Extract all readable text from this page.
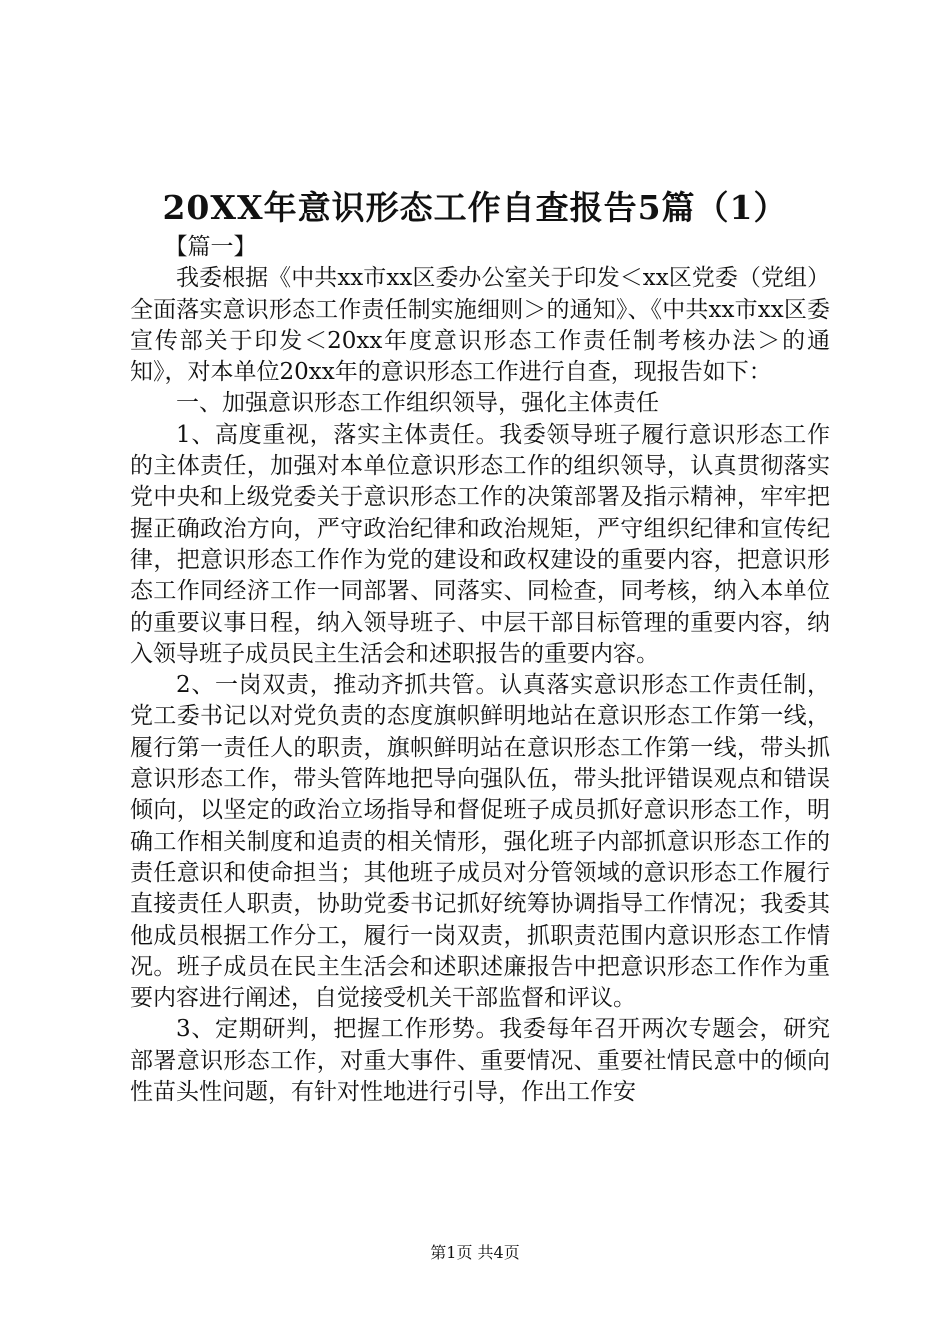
20XX年意识形态工作自查报告5篇（1）

【篇一】

我委根据《中共xx市xx区委办公室关于印发＜xx区党委（党组）全面落实意识形态工作责任制实施细则＞的通知》、《中共xx市xx区委宣传部关于印发＜20xx年度意识形态工作责任制考核办法＞的通知》，对本单位20xx年的意识形态工作进行自查，现报告如下：

一、加强意识形态工作组织领导，强化主体责任

1、高度重视，落实主体责任。我委领导班子履行意识形态工作的主体责任，加强对本单位意识形态工作的组织领导，认真贯彻落实党中央和上级党委关于意识形态工作的决策部署及指示精神，牢牢把握正确政治方向，严守政治纪律和政治规矩，严守组织纪律和宣传纪律，把意识形态工作作为党的建设和政权建设的重要内容，把意识形态工作同经济工作一同部署、同落实、同检查，同考核，纳入本单位的重要议事日程，纳入领导班子、中层干部目标管理的重要内容，纳入领导班子成员民主生活会和述职报告的重要内容。

2、一岗双责，推动齐抓共管。认真落实意识形态工作责任制，党工委书记以对党负责的态度旗帜鲜明地站在意识形态工作第一线，履行第一责任人的职责，旗帜鲜明站在意识形态工作第一线，带头抓意识形态工作，带头管阵地把导向强队伍，带头批评错误观点和错误倾向，以坚定的政治立场指导和督促班子成员抓好意识形态工作，明确工作相关制度和追责的相关情形，强化班子内部抓意识形态工作的责任意识和使命担当；其他班子成员对分管领域的意识形态工作履行直接责任人职责，协助党委书记抓好统筹协调指导工作情况；我委其他成员根据工作分工，履行一岗双责，抓职责范围内意识形态工作情况。班子成员在民主生活会和述职述廉报告中把意识形态工作作为重要内容进行阐述，自觉接受机关干部监督和评议。

3、定期研判，把握工作形势。我委每年召开两次专题会，研究部署意识形态工作，对重大事件、重要情况、重要社情民意中的倾向性苗头性问题，有针对性地进行引导，作出工作安

第1页 共4页
